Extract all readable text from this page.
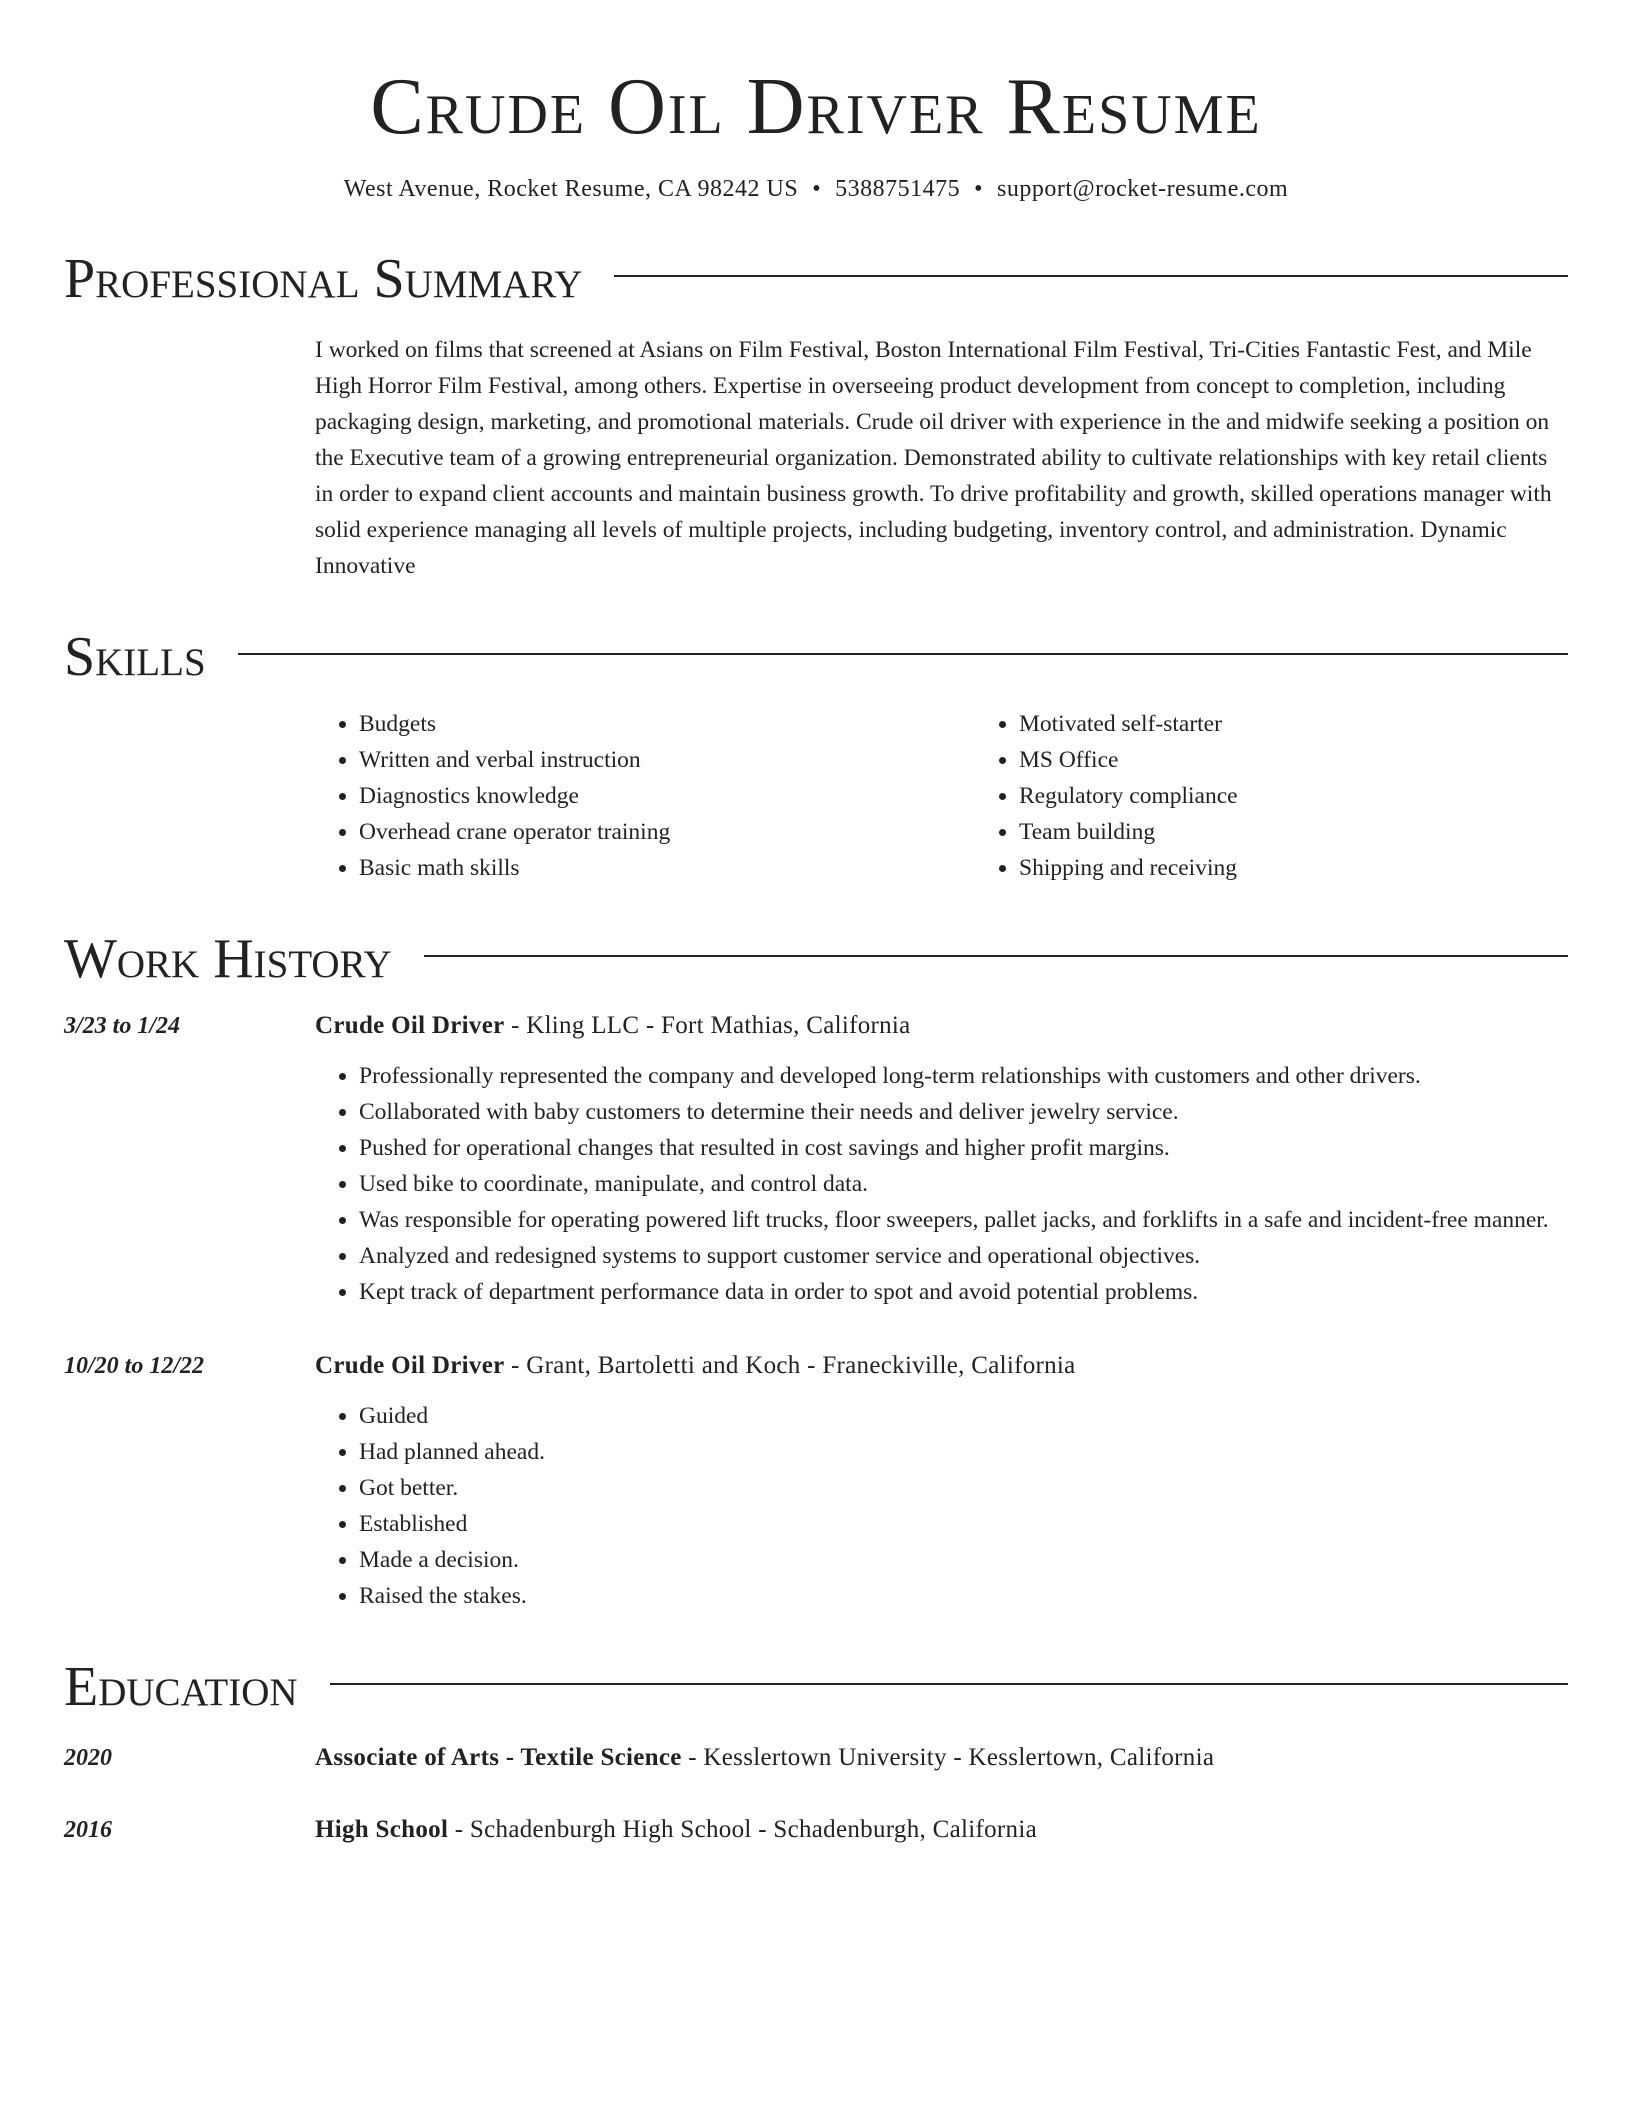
Crude Oil Driver Resume
West Avenue, Rocket Resume, CA 98242 US • 5388751475 • support@rocket-resume.com
Professional Summary
I worked on films that screened at Asians on Film Festival, Boston International Film Festival, Tri-Cities Fantastic Fest, and Mile High Horror Film Festival, among others. Expertise in overseeing product development from concept to completion, including packaging design, marketing, and promotional materials. Crude oil driver with experience in the and midwife seeking a position on the Executive team of a growing entrepreneurial organization. Demonstrated ability to cultivate relationships with key retail clients in order to expand client accounts and maintain business growth. To drive profitability and growth, skilled operations manager with solid experience managing all levels of multiple projects, including budgeting, inventory control, and administration. Dynamic Innovative
Skills
• Budgets
• Written and verbal instruction
• Diagnostics knowledge
• Overhead crane operator training
• Basic math skills
• Motivated self-starter
• MS Office
• Regulatory compliance
• Team building
• Shipping and receiving
Work History
3/23 to 1/24	Crude Oil Driver - Kling LLC - Fort Mathias, California
• Professionally represented the company and developed long-term relationships with customers and other drivers.
• Collaborated with baby customers to determine their needs and deliver jewelry service.
• Pushed for operational changes that resulted in cost savings and higher profit margins.
• Used bike to coordinate, manipulate, and control data.
• Was responsible for operating powered lift trucks, floor sweepers, pallet jacks, and forklifts in a safe and incident-free manner.
• Analyzed and redesigned systems to support customer service and operational objectives.
• Kept track of department performance data in order to spot and avoid potential problems.
10/20 to 12/22	Crude Oil Driver - Grant, Bartoletti and Koch - Franeckiville, California
• Guided
• Had planned ahead.
• Got better.
• Established
• Made a decision.
• Raised the stakes.
Education
2020	Associate of Arts - Textile Science - Kesslertown University - Kesslertown, California
2016	High School - Schadenburgh High School - Schadenburgh, California
